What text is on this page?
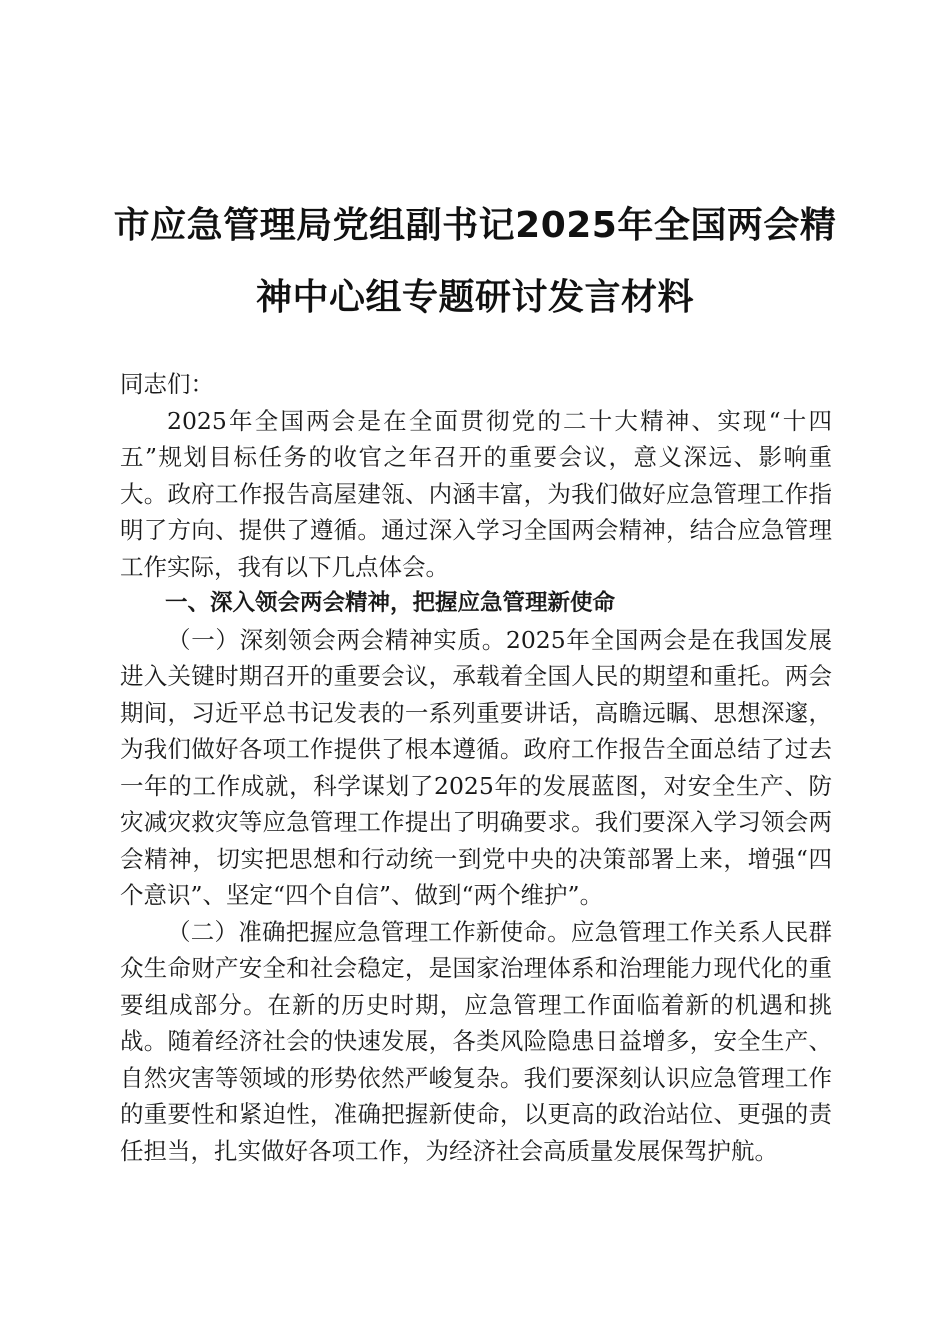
市应急管理局党组副书记2025年全国两会精
神中心组专题研讨发言材料

同志们：

2025年全国两会是在全面贯彻党的二十大精神、实现“十四五”规划目标任务的收官之年召开的重要会议，意义深远、影响重大。政府工作报告高屋建瓴、内涵丰富，为我们做好应急管理工作指明了方向、提供了遵循。通过深入学习全国两会精神，结合应急管理工作实际，我有以下几点体会。

一、深入领会两会精神，把握应急管理新使命

（一）深刻领会两会精神实质。2025年全国两会是在我国发展进入关键时期召开的重要会议，承载着全国人民的期望和重托。两会期间，习近平总书记发表的一系列重要讲话，高瞻远瞩、思想深邃，为我们做好各项工作提供了根本遵循。政府工作报告全面总结了过去一年的工作成就，科学谋划了2025年的发展蓝图，对安全生产、防灾减灾救灾等应急管理工作提出了明确要求。我们要深入学习领会两会精神，切实把思想和行动统一到党中央的决策部署上来，增强“四个意识”、坚定“四个自信”、做到“两个维护”。

（二）准确把握应急管理工作新使命。应急管理工作关系人民群众生命财产安全和社会稳定，是国家治理体系和治理能力现代化的重要组成部分。在新的历史时期，应急管理工作面临着新的机遇和挑战。随着经济社会的快速发展，各类风险隐患日益增多，安全生产、自然灾害等领域的形势依然严峻复杂。我们要深刻认识应急管理工作的重要性和紧迫性，准确把握新使命，以更高的政治站位、更强的责任担当，扎实做好各项工作，为经济社会高质量发展保驾护航。
